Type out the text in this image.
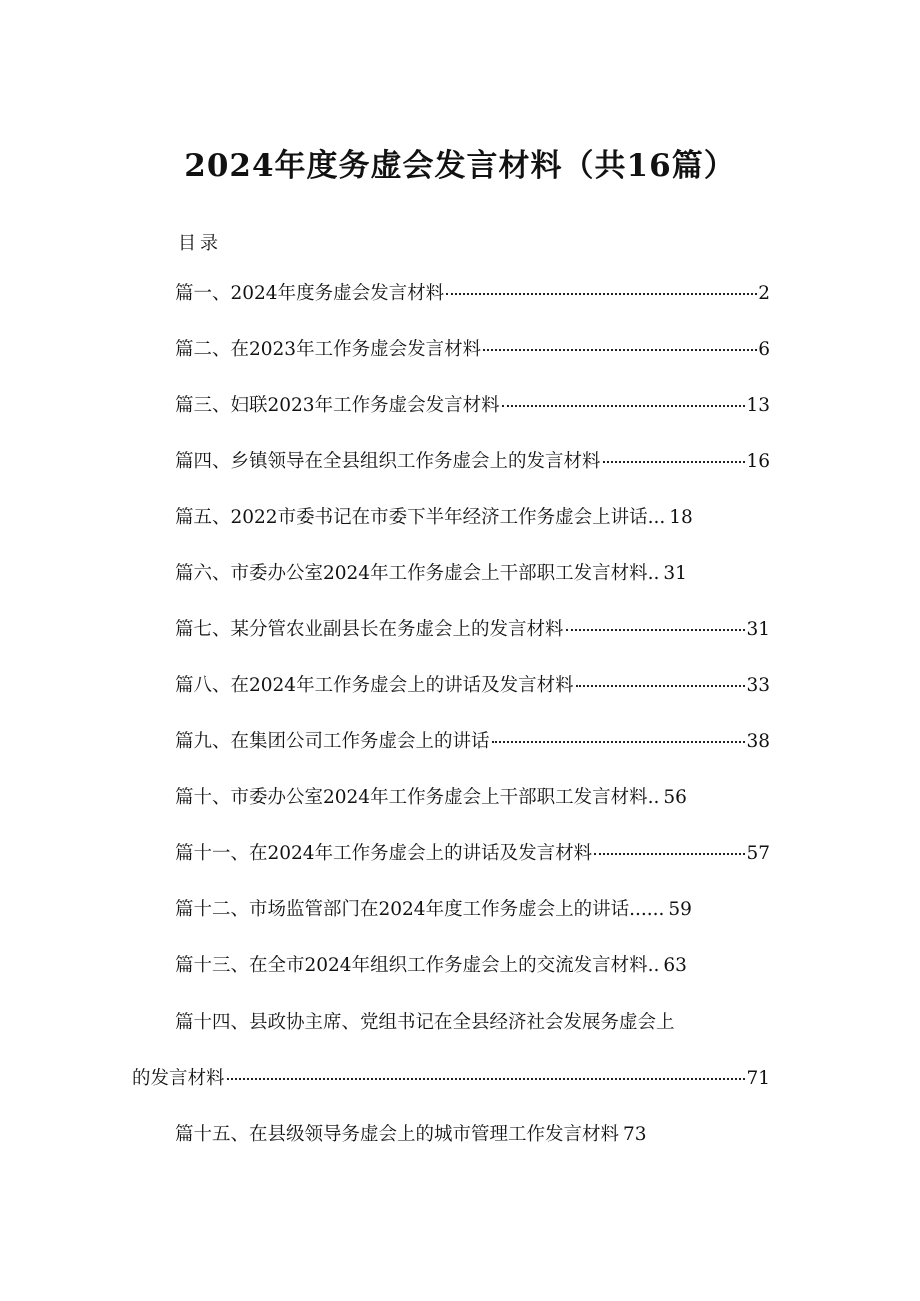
2024年度务虚会发言材料（共16篇）
目录
篇一、2024年度务虚会发言材料	2
篇二、在2023年工作务虚会发言材料	6
篇三、妇联2023年工作务虚会发言材料	13
篇四、乡镇领导在全县组织工作务虚会上的发言材料	16
篇五、2022市委书记在市委下半年经济工作务虚会上讲话... 18
篇六、市委办公室2024年工作务虚会上干部职工发言材料.. 31
篇七、某分管农业副县长在务虚会上的发言材料	31
篇八、在2024年工作务虚会上的讲话及发言材料	33
篇九、在集团公司工作务虚会上的讲话	38
篇十、市委办公室2024年工作务虚会上干部职工发言材料.. 56
篇十一、在2024年工作务虚会上的讲话及发言材料	57
篇十二、市场监管部门在2024年度工作务虚会上的讲话...... 59
篇十三、在全市2024年组织工作务虚会上的交流发言材料.. 63
篇十四、县政协主席、党组书记在全县经济社会发展务虚会上
的发言材料	71
篇十五、在县级领导务虚会上的城市管理工作发言材料 73
